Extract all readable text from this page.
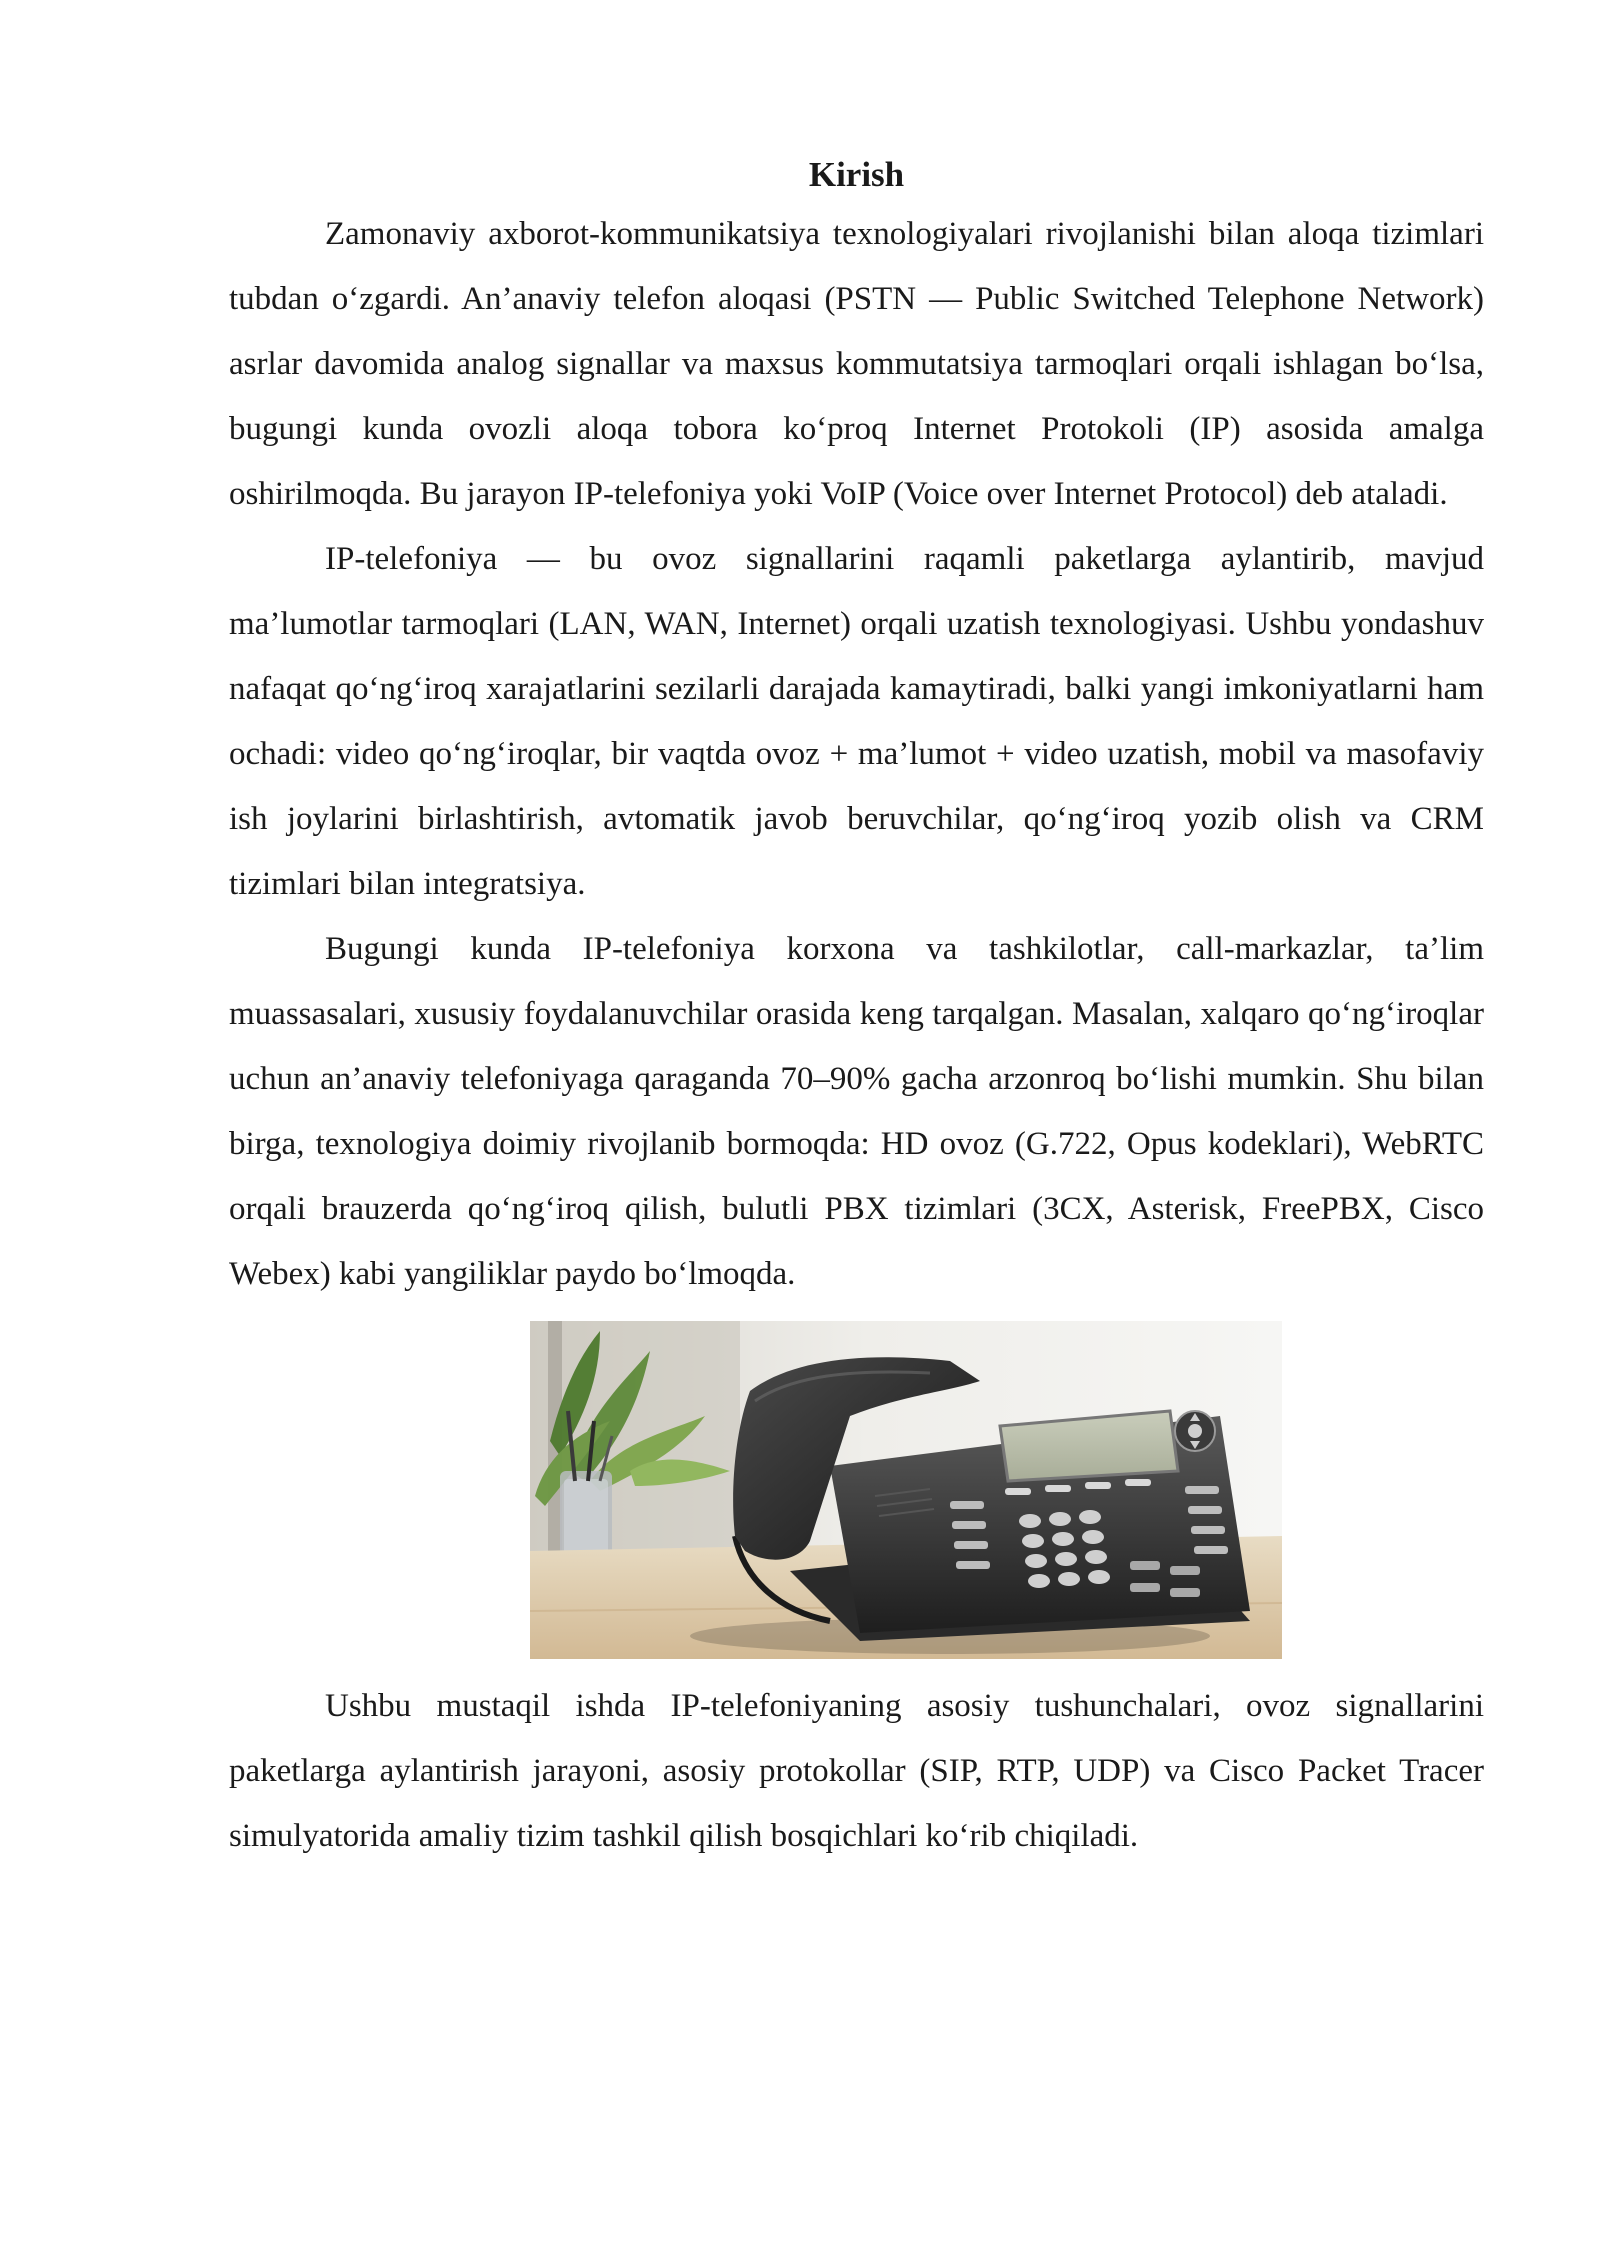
Kirish

Zamonaviy axborot-kommunikatsiya texnologiyalari rivojlanishi bilan aloqa tizimlari tubdan o‘zgardi. An’anaviy telefon aloqasi (PSTN — Public Switched Telephone Network) asrlar davomida analog signallar va maxsus kommutatsiya tarmoqlari orqali ishlagan bo‘lsa, bugungi kunda ovozli aloqa tobora ko‘proq Internet Protokoli (IP) asosida amalga oshirilmoqda. Bu jarayon IP-telefoniya yoki VoIP (Voice over Internet Protocol) deb ataladi.

IP-telefoniya — bu ovoz signallarini raqamli paketlarga aylantirib, mavjud ma’lumotlar tarmoqlari (LAN, WAN, Internet) orqali uzatish texnologiyasi. Ushbu yondashuv nafaqat qo‘ng‘iroq xarajatlarini sezilarli darajada kamaytiradi, balki yangi imkoniyatlarni ham ochadi: video qo‘ng‘iroqlar, bir vaqtda ovoz + ma’lumot + video uzatish, mobil va masofaviy ish joylarini birlashtirish, avtomatik javob beruvchilar, qo‘ng‘iroq yozib olish va CRM tizimlari bilan integratsiya.

Bugungi kunda IP-telefoniya korxona va tashkilotlar, call-markazlar, ta’lim muassasalari, xususiy foydalanuvchilar orasida keng tarqalgan. Masalan, xalqaro qo‘ng‘iroqlar uchun an’anaviy telefoniyaga qaraganda 70–90% gacha arzonroq bo‘lishi mumkin. Shu bilan birga, texnologiya doimiy rivojlanib bormoqda: HD ovoz (G.722, Opus kodeklari), WebRTC orqali brauzerda qo‘ng‘iroq qilish, bulutli PBX tizimlari (3CX, Asterisk, FreePBX, Cisco Webex) kabi yangiliklar paydo bo‘lmoqda.

Ushbu mustaqil ishda IP-telefoniyaning asosiy tushunchalari, ovoz signallarini paketlarga aylantirish jarayoni, asosiy protokollar (SIP, RTP, UDP) va Cisco Packet Tracer simulyatorida amaliy tizim tashkil qilish bosqichlari ko‘rib chiqiladi.
